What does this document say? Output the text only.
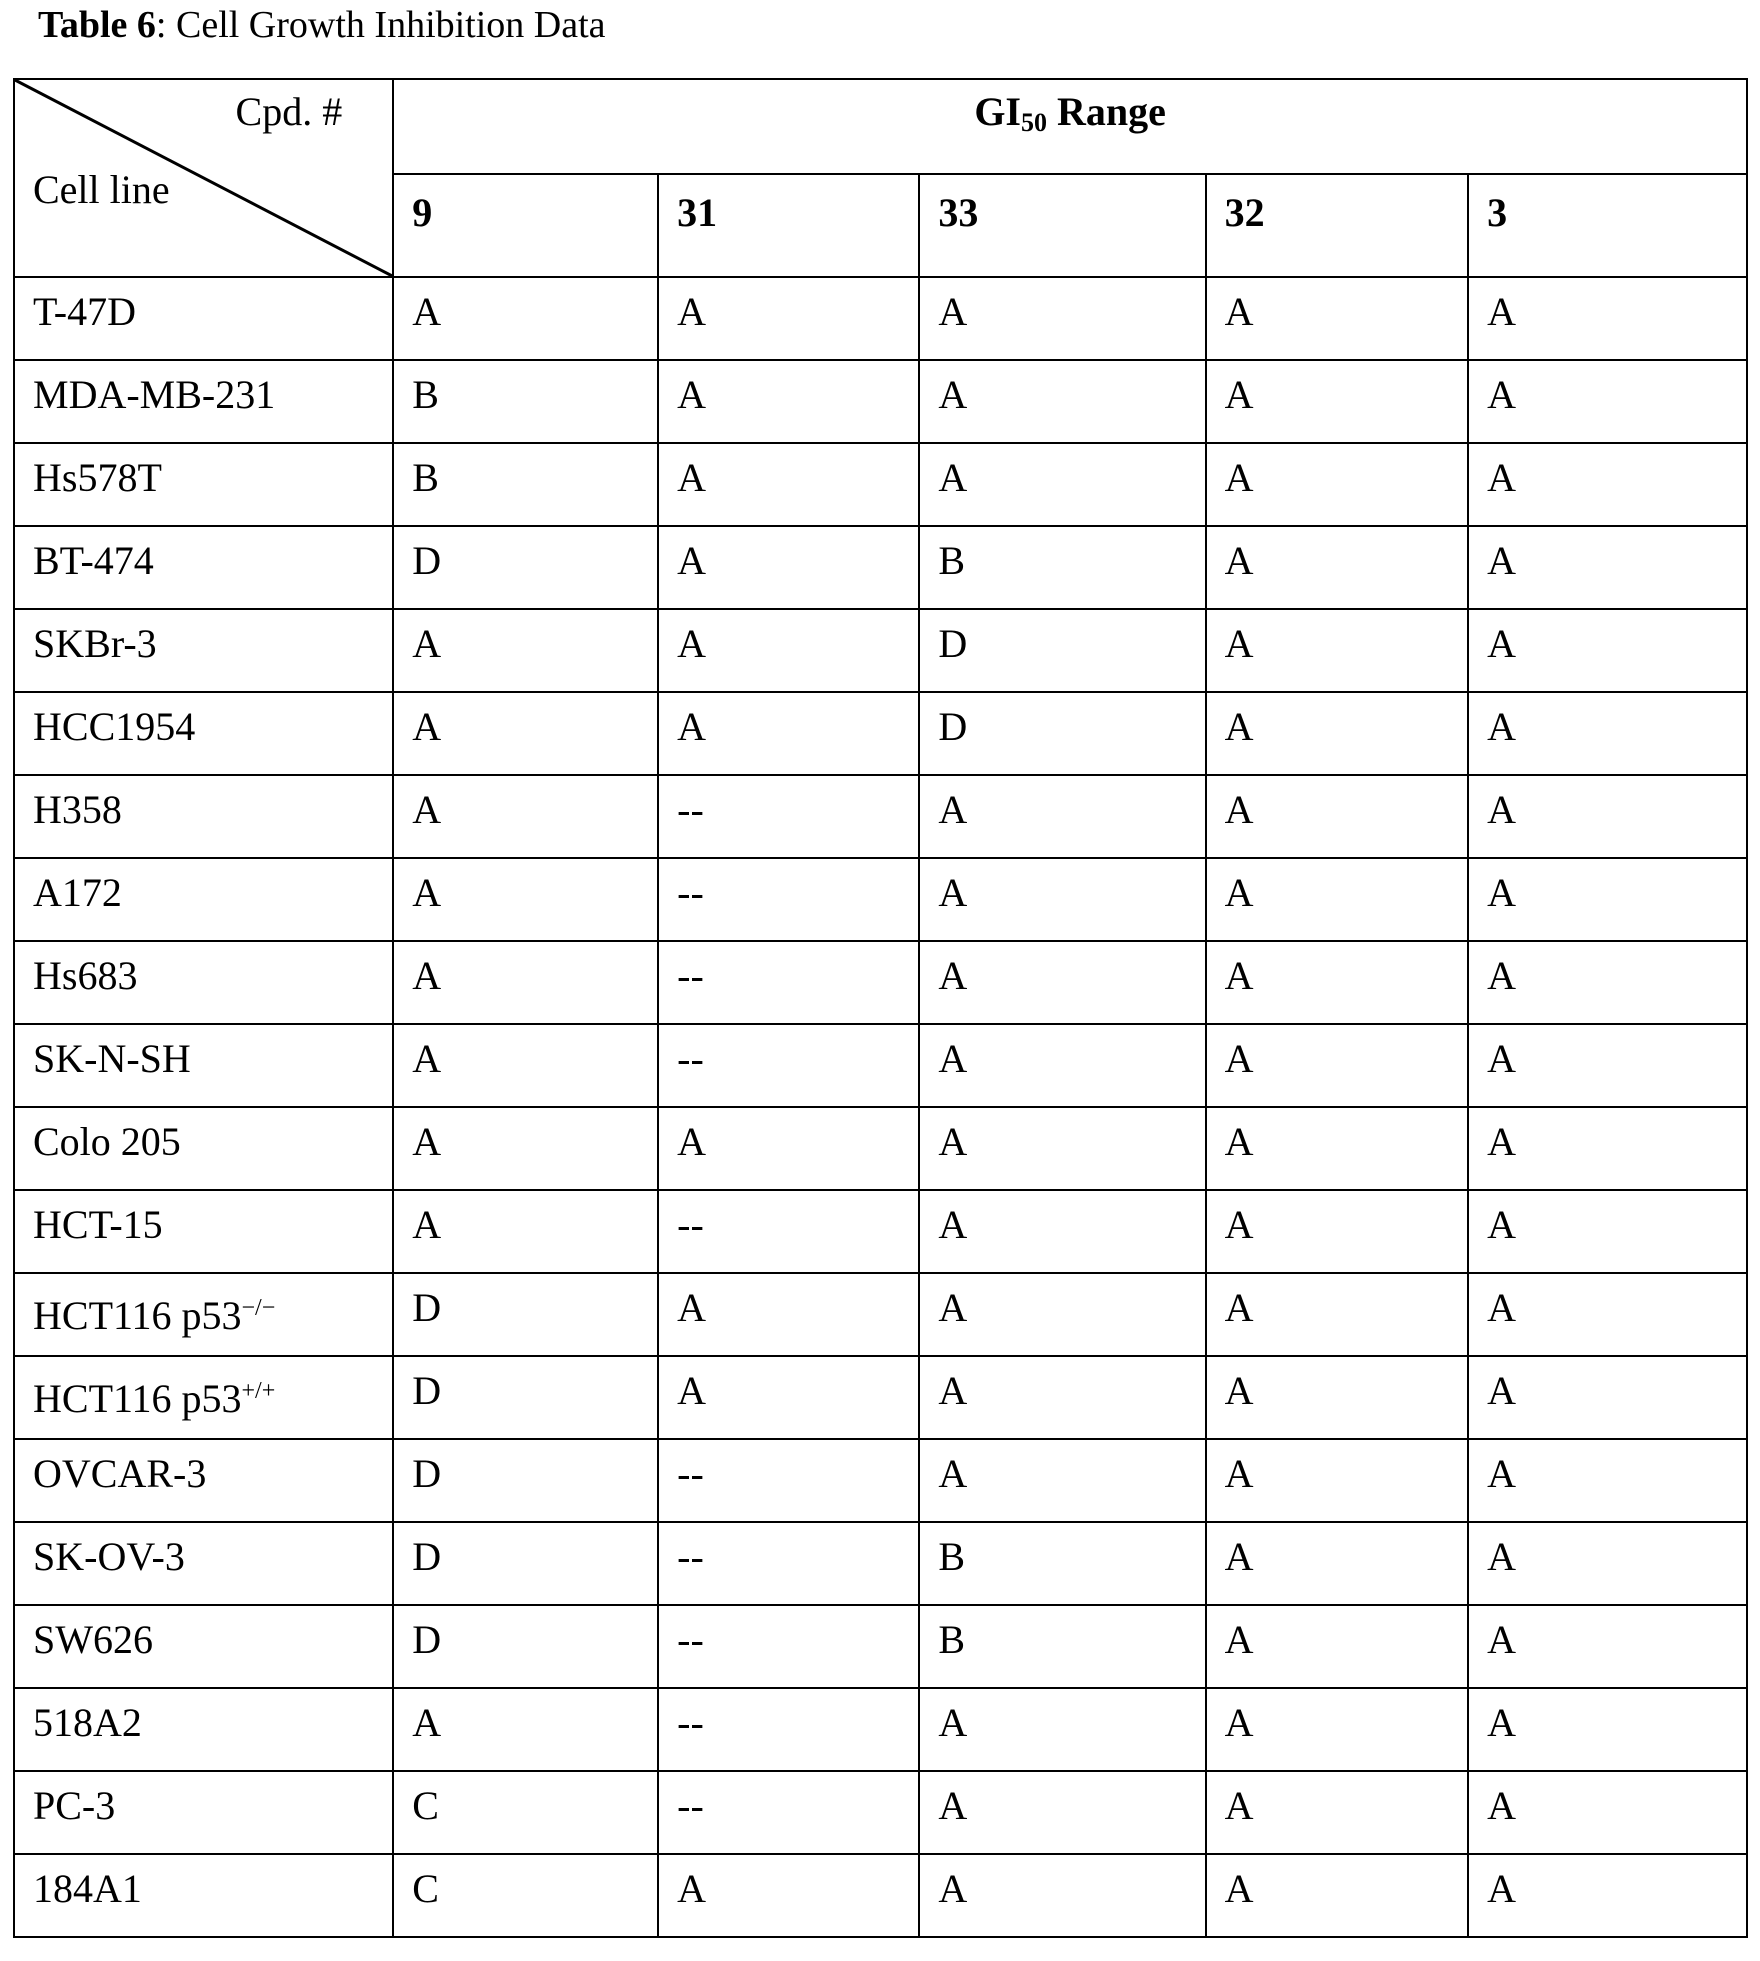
Table 6: Cell Growth Inhibition Data
Cpd. #
Cell line	$GI_{50}$ Range				
	9	31	33	32	3
T-47D	A	A	A	A	A
MDA-MB-231	B	A	A	A	A
Hs578T	B	A	A	A	A
BT-474	D	A	B	A	A
SKBr-3	A	A	D	A	A
HCC1954	A	A	D	A	A
H358	A	--	A	A	A
A172	A	--	A	A	A
Hs683	A	--	A	A	A
SK-N-SH	A	--	A	A	A
Colo 205	A	A	A	A	A
HCT-15	A	--	A	A	A
HCT116 p53−/−	D	A	A	A	A
HCT116 p53+/+	D	A	A	A	A
OVCAR-3	D	--	A	A	A
SK-OV-3	D	--	B	A	A
SW626	D	--	B	A	A
518A2	A	--	A	A	A
PC-3	C	--	A	A	A
184A1	C	A	A	A	A
